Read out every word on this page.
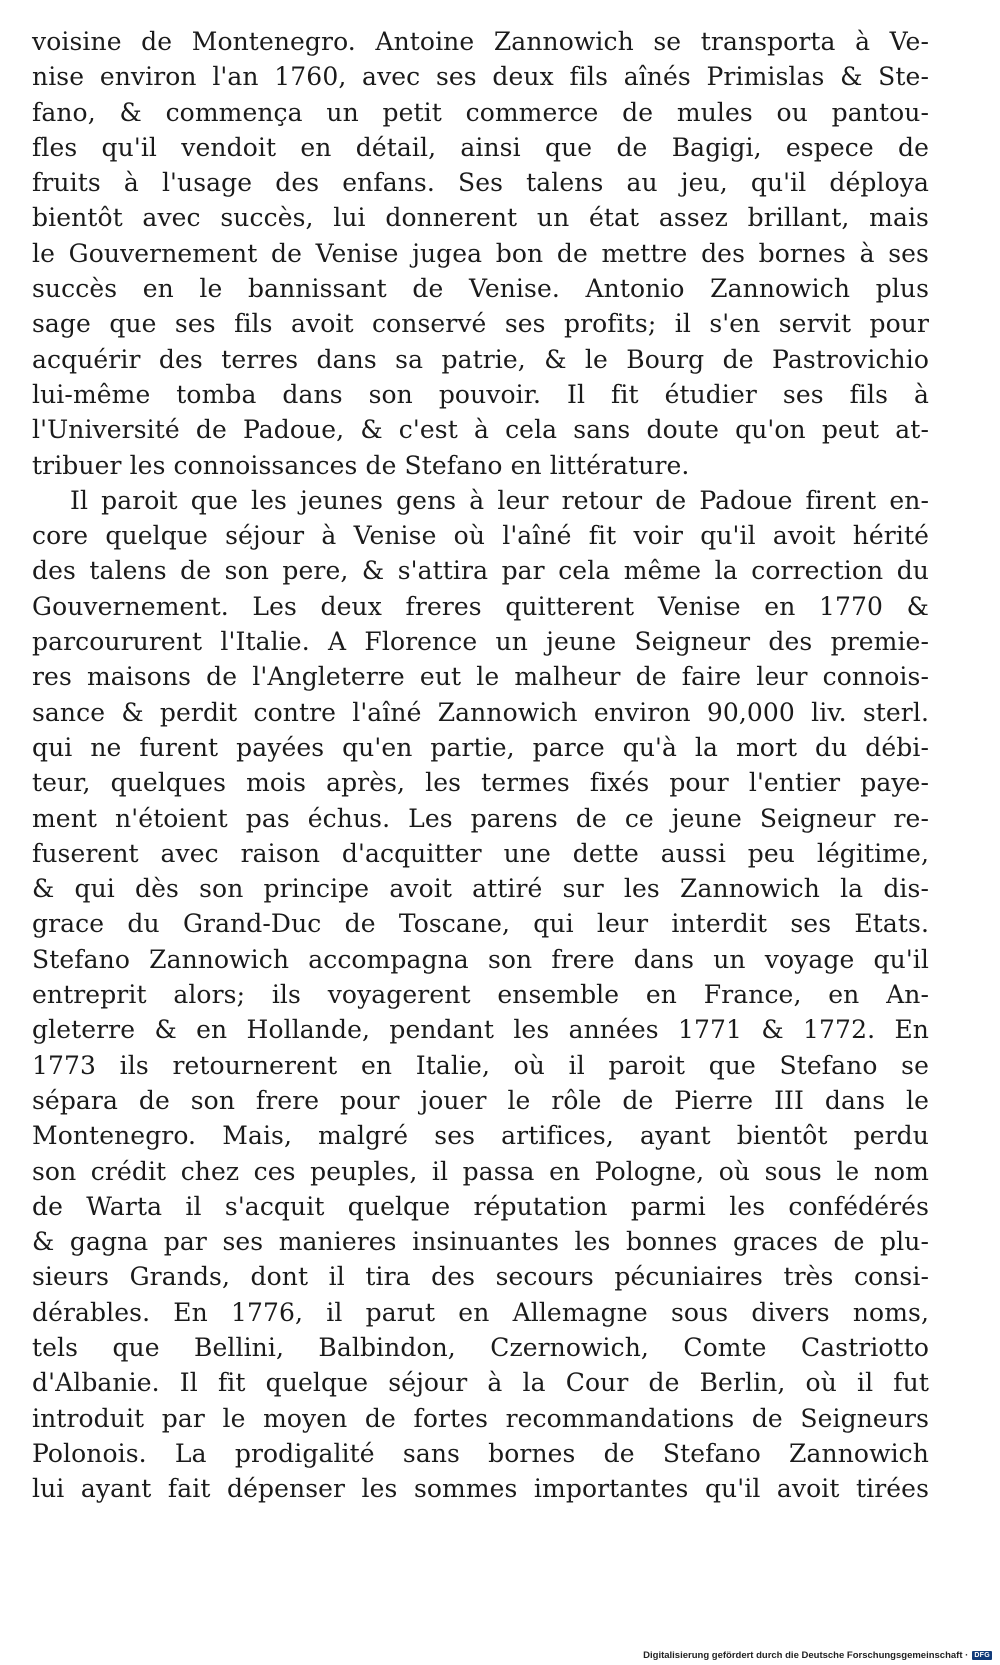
voisine de Montenegro. Antoine Zannowich se transporta à Ve-
nise environ l'an 1760, avec ses deux fils aînés Primislas & Ste-
fano, & commença un petit commerce de mules ou pantou-
fles qu'il vendoit en détail, ainsi que de Bagigi, espece de
fruits à l'usage des enfans. Ses talens au jeu, qu'il déploya
bientôt avec succès, lui donnerent un état assez brillant, mais
le Gouvernement de Venise jugea bon de mettre des bornes à ses
succès en le bannissant de Venise. Antonio Zannowich plus
sage que ses fils avoit conservé ses profits; il s'en servit pour
acquérir des terres dans sa patrie, & le Bourg de Pastrovichio
lui-même tomba dans son pouvoir. Il fit étudier ses fils à
l'Université de Padoue, & c'est à cela sans doute qu'on peut at-
tribuer les connoissances de Stefano en littérature.
Il paroit que les jeunes gens à leur retour de Padoue firent en-
core quelque séjour à Venise où l'aîné fit voir qu'il avoit hérité
des talens de son pere, & s'attira par cela même la correction du
Gouvernement. Les deux freres quitterent Venise en 1770 &
parcoururent l'Italie. A Florence un jeune Seigneur des premie-
res maisons de l'Angleterre eut le malheur de faire leur connois-
sance & perdit contre l'aîné Zannowich environ 90,000 liv. sterl.
qui ne furent payées qu'en partie, parce qu'à la mort du débi-
teur, quelques mois après, les termes fixés pour l'entier paye-
ment n'étoient pas échus. Les parens de ce jeune Seigneur re-
fuserent avec raison d'acquitter une dette aussi peu légitime,
& qui dès son principe avoit attiré sur les Zannowich la dis-
grace du Grand-Duc de Toscane, qui leur interdit ses Etats.
Stefano Zannowich accompagna son frere dans un voyage qu'il
entreprit alors; ils voyagerent ensemble en France, en An-
gleterre & en Hollande, pendant les années 1771 & 1772. En
1773 ils retournerent en Italie, où il paroit que Stefano se
sépara de son frere pour jouer le rôle de Pierre III dans le
Montenegro. Mais, malgré ses artifices, ayant bientôt perdu
son crédit chez ces peuples, il passa en Pologne, où sous le nom
de Warta il s'acquit quelque réputation parmi les confédérés
& gagna par ses manieres insinuantes les bonnes graces de plu-
sieurs Grands, dont il tira des secours pécuniaires très consi-
dérables. En 1776, il parut en Allemagne sous divers noms,
tels que Bellini, Balbindon, Czernowich, Comte Castriotto
d'Albanie. Il fit quelque séjour à la Cour de Berlin, où il fut
introduit par le moyen de fortes recommandations de Seigneurs
Polonois. La prodigalité sans bornes de Stefano Zannowich
lui ayant fait dépenser les sommes importantes qu'il avoit tirées
Digitalisierung gefördert durch die Deutsche Forschungsgemeinschaft · DFG
